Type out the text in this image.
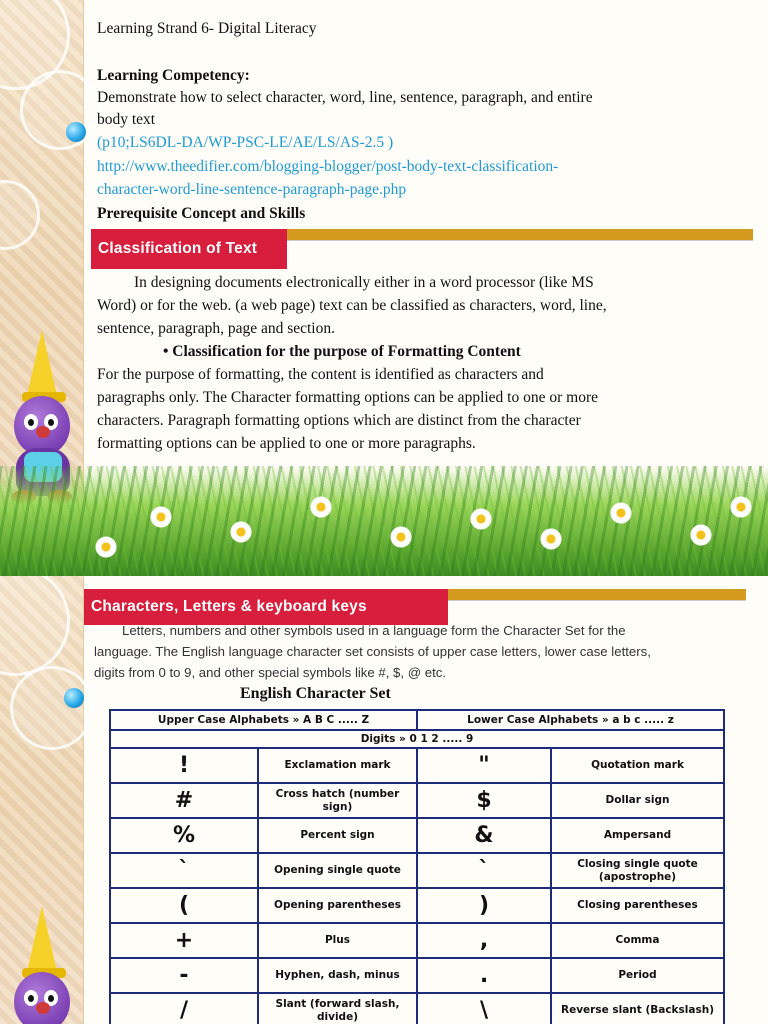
Learning Strand 6- Digital Literacy
Learning Competency:
Demonstrate how to select character, word, line, sentence, paragraph, and entire
body text
(p10;LS6DL-DA/WP-PSC-LE/AE/LS/AS-2.5 )
http://www.theedifier.com/blogging-blogger/post-body-text-classification-
character-word-line-sentence-paragraph-page.php
Prerequisite Concept and Skills
Classification of Text
In designing documents electronically either in a word processor (like MS
Word) or for the web. (a web page) text can be classified as characters, word, line,
sentence, paragraph, page and section.
• Classification for the purpose of Formatting Content
For the purpose of formatting, the content is identified as characters and
paragraphs only. The Character formatting options can be applied to one or more
characters. Paragraph formatting options which are distinct from the character
formatting options can be applied to one or more paragraphs.
Characters, Letters & keyboard keys
Letters, numbers and other symbols used in a language form the Character Set for the
language. The English language character set consists of upper case letters, lower case letters,
digits from 0 to 9, and other special symbols like #, $, @ etc.
English Character Set
Upper Case Alphabets » A B C ..... Z		Lower Case Alphabets » a b c ..... z	
Digits » 0 1 2 ..... 9			
!	Exclamation mark	"	Quotation mark
#	Cross hatch (number sign)	$	Dollar sign
%	Percent sign	&	Ampersand
`	Opening single quote	`	Closing single quote (apostrophe)
(	Opening parentheses	)	Closing parentheses
+	Plus	,	Comma
-	Hyphen, dash, minus	.	Period
/	Slant (forward slash, divide)	\	Reverse slant (Backslash)
